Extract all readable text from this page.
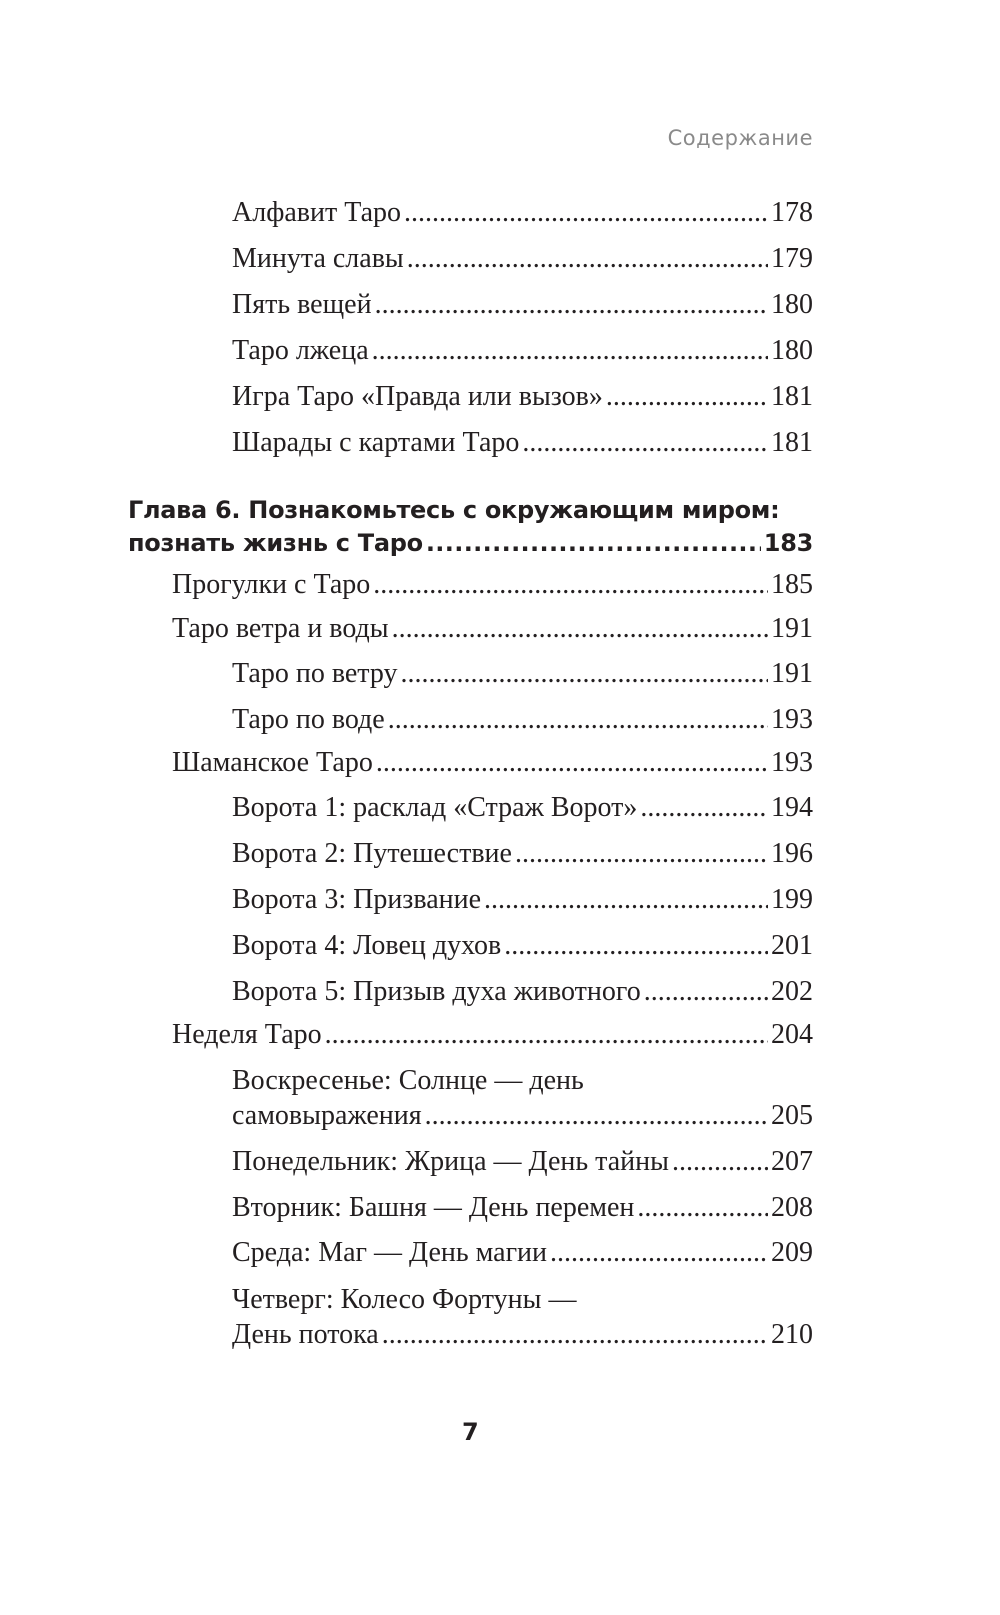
Содержание
Алфавит Таро . . .	178
Минута славы . . .	179
Пять вещей . . .	180
Таро лжеца . . .	180
Игра Таро «Правда или вызов» . . .	181
Шарады с картами Таро . . .	181
Глава 6. Познакомьтесь с окружающим миром:
познать жизнь с Таро . . .	183
Прогулки с Таро . . .	185
Таро ветра и воды . . .	191
Таро по ветру . . .	191
Таро по воде . . .	193
Шаманское Таро . . .	193
Ворота 1: расклад «Страж Ворот» . . .	194
Ворота 2: Путешествие . . .	196
Ворота 3: Призвание . . .	199
Ворота 4: Ловец духов . . .	201
Ворота 5: Призыв духа животного . . .	202
Неделя Таро . . .	204
Воскресенье: Солнце — день
самовыражения . . .	205
Понедельник: Жрица — День тайны . . .	207
Вторник: Башня — День перемен . . .	208
Среда: Маг — День магии . . .	209
Четверг: Колесо Фортуны —
День потока . . .	210
7
